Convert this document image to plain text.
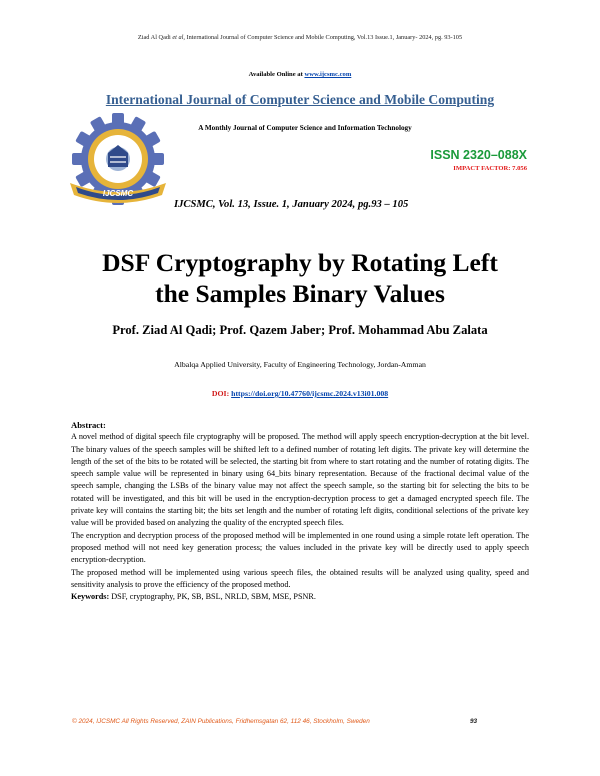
Ziad Al Qadi et al, International Journal of Computer Science and Mobile Computing, Vol.13 Issue.1, January- 2024, pg. 93-105
Available Online at www.ijcsmc.com
International Journal of Computer Science and Mobile Computing
A Monthly Journal of Computer Science and Information Technology
IJCSMC
ISSN 2320–088X
IMPACT FACTOR: 7.056
IJCSMC, Vol. 13, Issue. 1, January 2024, pg.93 – 105
DSF Cryptography by Rotating Left
the Samples Binary Values
Prof. Ziad Al Qadi; Prof. Qazem Jaber; Prof. Mohammad Abu Zalata
Albalqa Applied University, Faculty of Engineering Technology, Jordan-Amman
DOI: https://doi.org/10.47760/ijcsmc.2024.v13i01.008

Abstract:

A novel method of digital speech file cryptography will be proposed. The method will apply speech encryption-decryption at the bit level. The binary values of the speech samples will be shifted left to a defined number of rotating left digits. The private key will determine the length of the set of the bits to be rotated will be selected, the starting bit from where to start rotating and the number of rotating digits. The speech sample value will be represented in binary using 64_bits binary representation. Because of the fractional decimal value of the speech sample, changing the LSBs of the binary value may not affect the speech sample, so the starting bit for selecting the bits to be rotated will be investigated, and this bit will be used in the encryption-decryption process to get a damaged encrypted speech file. The private key will contains the starting bit; the bits set length and the number of rotating left digits, conditional selections of the private key value will be provided based on analyzing the quality of the encrypted speech files.

The encryption and decryption process of the proposed method will be implemented in one round using a simple rotate left operation. The proposed method will not need key generation process; the values included in the private key will be directly used to apply speech encryption-decryption.

The proposed method will be implemented using various speech files, the obtained results will be analyzed using quality, speed and sensitivity analysis to prove the efficiency of the proposed method.

Keywords: DSF, cryptography, PK, SB, BSL, NRLD, SBM, MSE, PSNR.

© 2024, IJCSMC All Rights Reserved, ZAIN Publications, Fridhemsgatan 62, 112 46, Stockholm, Sweden	93
